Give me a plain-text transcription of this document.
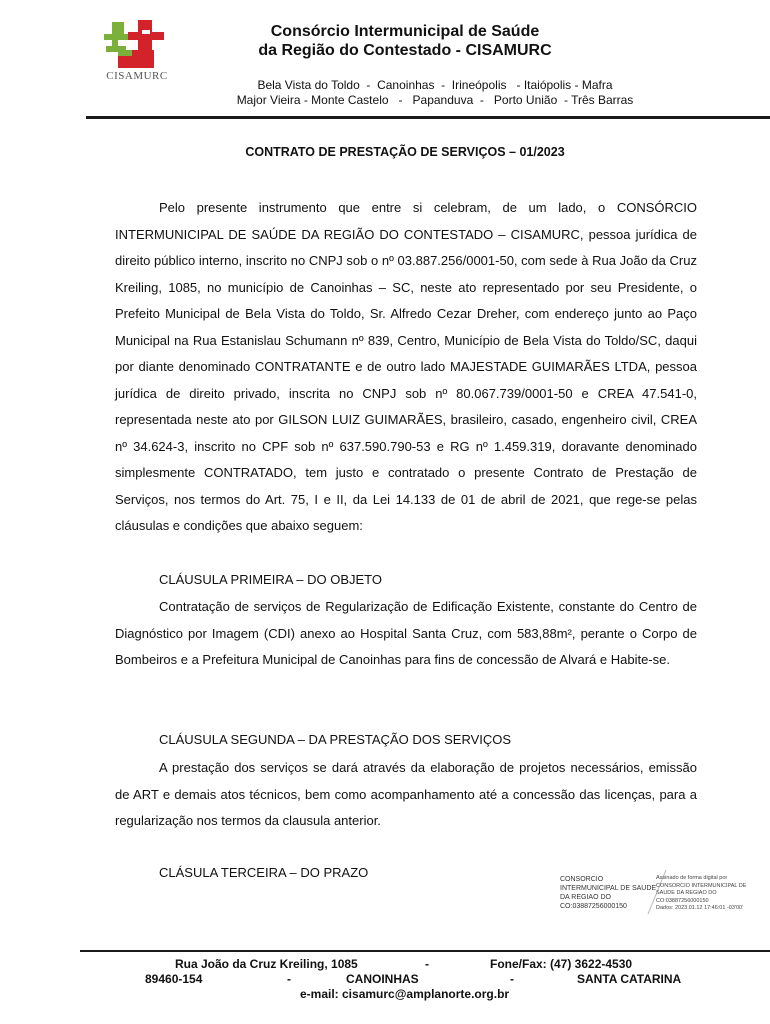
CISAMURC
Consórcio Intermunicipal de Saúde
da Região do Contestado - CISAMURC
Bela Vista do Toldo  -  Canoinhas  -  Irineópolis   - Itaiópolis - Mafra
Major Vieira - Monte Castelo   -   Papanduva  -   Porto União  - Três Barras
CONTRATO DE PRESTAÇÃO DE SERVIÇOS – 01/2023

Pelo presente instrumento que entre si celebram, de um lado, o CONSÓRCIO INTERMUNICIPAL DE SAÚDE DA REGIÃO DO CONTESTADO – CISAMURC, pessoa jurídica de direito público interno, inscrito no CNPJ sob o nº 03.887.256/0001-50, com sede à Rua João da Cruz Kreiling, 1085, no município de Canoinhas – SC, neste ato representado por seu Presidente, o Prefeito Municipal de Bela Vista do Toldo, Sr. Alfredo Cezar Dreher, com endereço junto ao Paço Municipal na Rua Estanislau Schumann nº 839, Centro, Município de Bela Vista do Toldo/SC, daqui por diante denominado CONTRATANTE e de outro lado MAJESTADE GUIMARÃES LTDA, pessoa jurídica de direito privado, inscrita no CNPJ sob nº 80.067.739/0001-50 e CREA 47.541-0, representada neste ato por GILSON LUIZ GUIMARÃES, brasileiro, casado, engenheiro civil, CREA nº 34.624-3, inscrito no CPF sob nº 637.590.790-53 e RG nº 1.459.319, doravante denominado simplesmente CONTRATADO, tem justo e contratado o presente Contrato de Prestação de Serviços, nos termos do Art. 75, I e II, da Lei 14.133 de 01 de abril de 2021, que rege-se pelas cláusulas e condições que abaixo seguem:

CLÁUSULA PRIMEIRA – DO OBJETO

Contratação de serviços de Regularização de Edificação Existente, constante do Centro de Diagnóstico por Imagem (CDI) anexo ao Hospital Santa Cruz, com 583,88m², perante o Corpo de Bombeiros e a Prefeitura Municipal de Canoinhas para fins de concessão de Alvará e Habite-se.

CLÁUSULA SEGUNDA – DA PRESTAÇÃO DOS SERVIÇOS

A prestação dos serviços se dará através da elaboração de projetos necessários, emissão de ART e demais atos técnicos, bem como acompanhamento até a concessão das licenças, para a regularização nos termos da clausula anterior.

CLÁSULA TERCEIRA – DO PRAZO	CONSORCIO
INTERMUNICIPAL DE SAUDE
DA REGIAO DO
CO:03887256000150
Assinado de forma digital por
CONSORCIO INTERMUNICIPAL DE
SAUDE DA REGIAO DO
CO:03887256000150
Dados: 2023.01.12 17:46:01 -03'00'
Rua João da Cruz Kreiling, 1085	-	Fone/Fax: (47) 3622-4530
89460-154	-	CANOINHAS	-	SANTA CATARINA
e-mail: cisamurc@amplanorte.org.br
